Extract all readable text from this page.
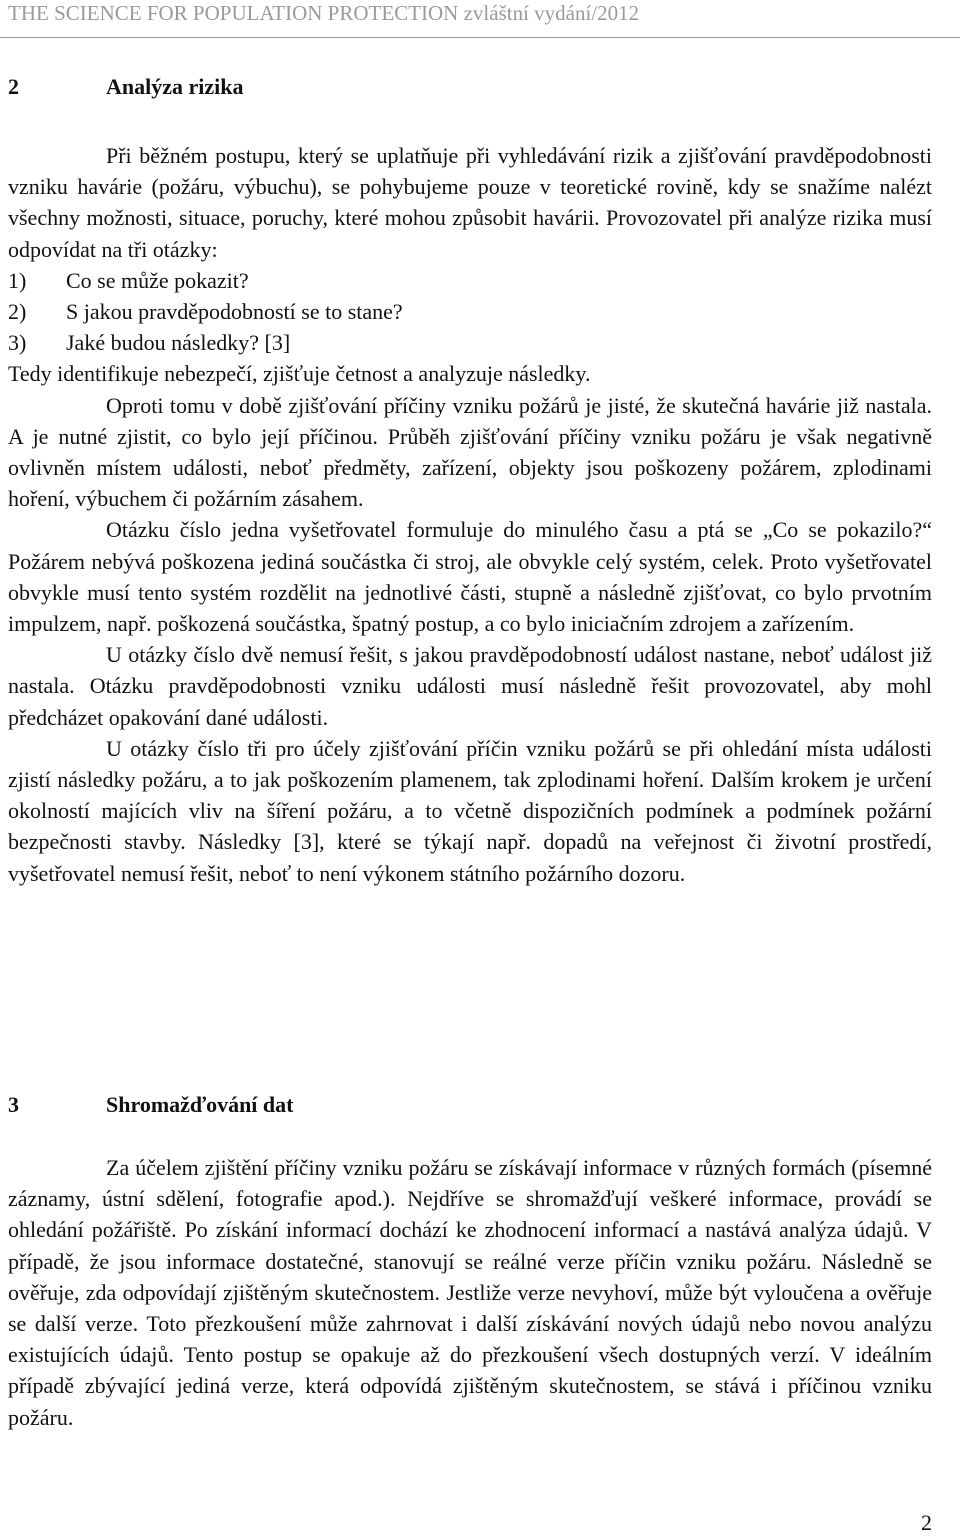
THE SCIENCE FOR POPULATION PROTECTION zvláštní vydání/2012
2	Analýza rizika

Při běžném postupu, který se uplatňuje při vyhledávání rizik a zjišťování pravděpodobnosti vzniku havárie (požáru, výbuchu), se pohybujeme pouze v teoretické rovině, kdy se snažíme nalézt všechny možnosti, situace, poruchy, které mohou způsobit havárii. Provozovatel při analýze rizika musí odpovídat na tři otázky:

1)	Co se může pokazit?
2)	S jakou pravděpodobností se to stane?
3)	Jaké budou následky? [3]

Tedy identifikuje nebezpečí, zjišťuje četnost a analyzuje následky.

Oproti tomu v době zjišťování příčiny vzniku požárů je jisté, že skutečná havárie již nastala. A je nutné zjistit, co bylo její příčinou. Průběh zjišťování příčiny vzniku požáru je však negativně ovlivněn místem události, neboť předměty, zařízení, objekty jsou poškozeny požárem, zplodinami hoření, výbuchem či požárním zásahem.

Otázku číslo jedna vyšetřovatel formuluje do minulého času a ptá se „Co se pokazilo?“ Požárem nebývá poškozena jediná součástka či stroj, ale obvykle celý systém, celek. Proto vyšetřovatel obvykle musí tento systém rozdělit na jednotlivé části, stupně a následně zjišťovat, co bylo prvotním impulzem, např. poškozená součástka, špatný postup, a co bylo iniciačním zdrojem a zařízením.

U otázky číslo dvě nemusí řešit, s jakou pravděpodobností událost nastane, neboť událost již nastala. Otázku pravděpodobnosti vzniku události musí následně řešit provozovatel, aby mohl předcházet opakování dané události.

U otázky číslo tři pro účely zjišťování příčin vzniku požárů se při ohledání místa události zjistí následky požáru, a to jak poškozením plamenem, tak zplodinami hoření. Dalším krokem je určení okolností majících vliv na šíření požáru, a to včetně dispozičních podmínek a podmínek požární bezpečnosti stavby. Následky [3], které se týkají např. dopadů na veřejnost či životní prostředí, vyšetřovatel nemusí řešit, neboť to není výkonem státního požárního dozoru.

3	Shromažďování dat

Za účelem zjištění příčiny vzniku požáru se získávají informace v různých formách (písemné záznamy, ústní sdělení, fotografie apod.). Nejdříve se shromažďují veškeré informace, provádí se ohledání požářiště. Po získání informací dochází ke zhodnocení informací a nastává analýza údajů. V případě, že jsou informace dostatečné, stanovují se reálné verze příčin vzniku požáru. Následně se ověřuje, zda odpovídají zjištěným skutečnostem. Jestliže verze nevyhoví, může být vyloučena a ověřuje se další verze. Toto přezkoušení může zahrnovat i další získávání nových údajů nebo novou analýzu existujících údajů. Tento postup se opakuje až do přezkoušení všech dostupných verzí. V ideálním případě zbývající jediná verze, která odpovídá zjištěným skutečnostem, se stává i příčinou vzniku požáru.

2
